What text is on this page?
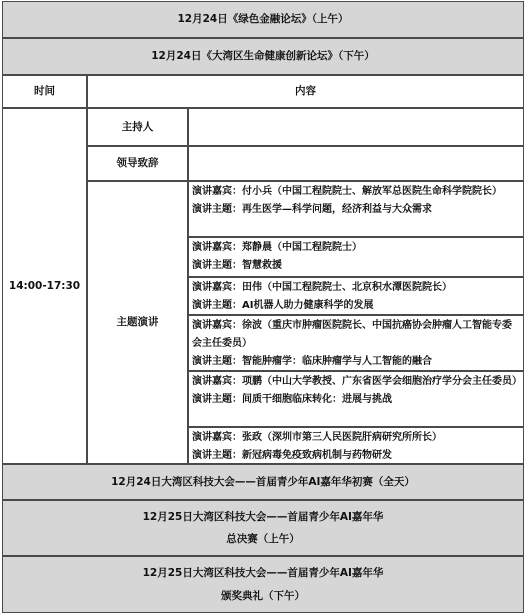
12月24日《绿色金融论坛》（上午）
12月24日《大湾区生命健康创新论坛》（下午）
时间	内容
14:00-17:30
主持人
领导致辞
主题演讲
演讲嘉宾：付小兵（中国工程院院士、解放军总医院生命科学院院长）
演讲主题：再生医学—科学问题，经济利益与大众需求
演讲嘉宾：郑静晨（中国工程院院士）
演讲主题：智慧救援
演讲嘉宾：田伟（中国工程院院士、北京积水潭医院院长）
演讲主题：AI机器人助力健康科学的发展
演讲嘉宾：徐波（重庆市肿瘤医院院长、中国抗癌协会肿瘤人工智能专委会主任委员）
演讲主题：智能肿瘤学：临床肿瘤学与人工智能的融合
演讲嘉宾：项鹏（中山大学教授、广东省医学会细胞治疗学分会主任委员）
演讲主题：间质干细胞临床转化：进展与挑战
演讲嘉宾：张政（深圳市第三人民医院肝病研究所所长）
演讲主题：新冠病毒免疫致病机制与药物研发
12月24日大湾区科技大会——首届青少年AI嘉年华初赛（全天）
12月25日大湾区科技大会——首届青少年AI嘉年华
总决赛（上午）
12月25日大湾区科技大会——首届青少年AI嘉年华
颁奖典礼（下午）
